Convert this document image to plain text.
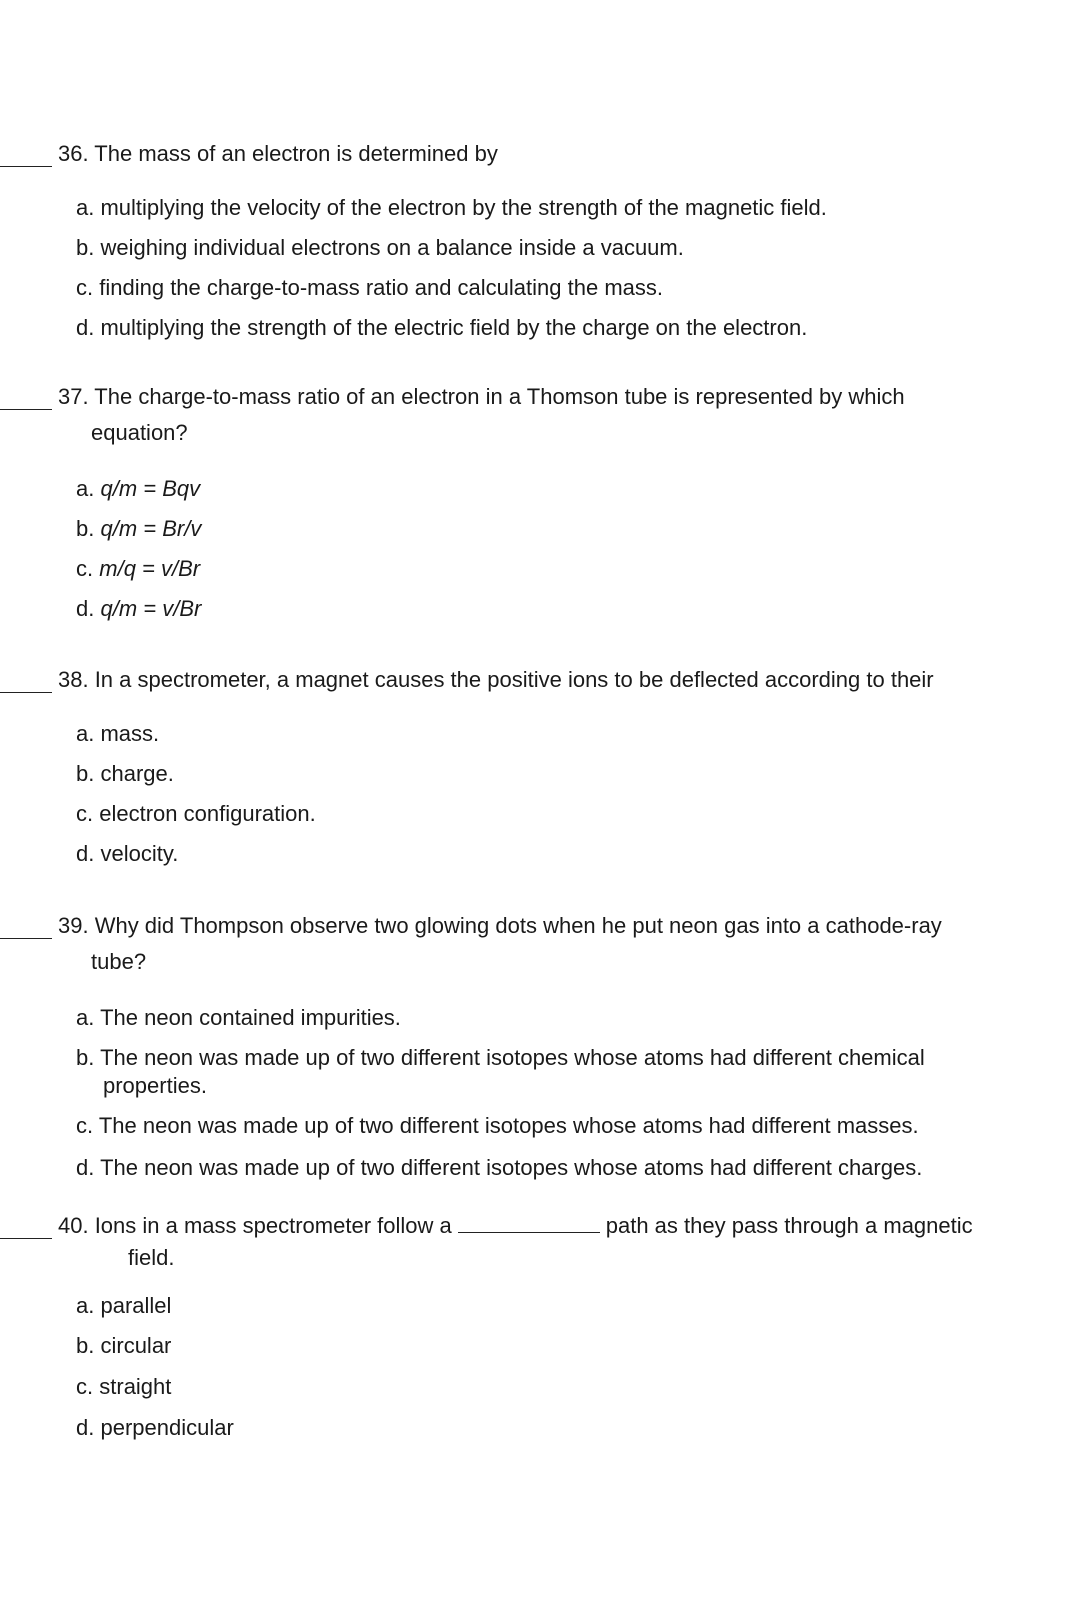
36. The mass of an electron is determined by
a. multiplying the velocity of the electron by the strength of the magnetic field.
b. weighing individual electrons on a balance inside a vacuum.
c. finding the charge-to-mass ratio and calculating the mass.
d. multiplying the strength of the electric field by the charge on the electron.
37. The charge-to-mass ratio of an electron in a Thomson tube is represented by which
equation?
a. q/m = Bqv
b. q/m = Br/v
c. m/q = v/Br
d. q/m = v/Br
38. In a spectrometer, a magnet causes the positive ions to be deflected according to their
a. mass.
b. charge.
c. electron configuration.
d. velocity.
39. Why did Thompson observe two glowing dots when he put neon gas into a cathode-ray
tube?
a. The neon contained impurities.
b. The neon was made up of two different isotopes whose atoms had different chemical
properties.
c. The neon was made up of two different isotopes whose atoms had different masses.
d. The neon was made up of two different isotopes whose atoms had different charges.
40. Ions in a mass spectrometer follow a	path as they pass through a magnetic
field.
a. parallel
b. circular
c. straight
d. perpendicular
